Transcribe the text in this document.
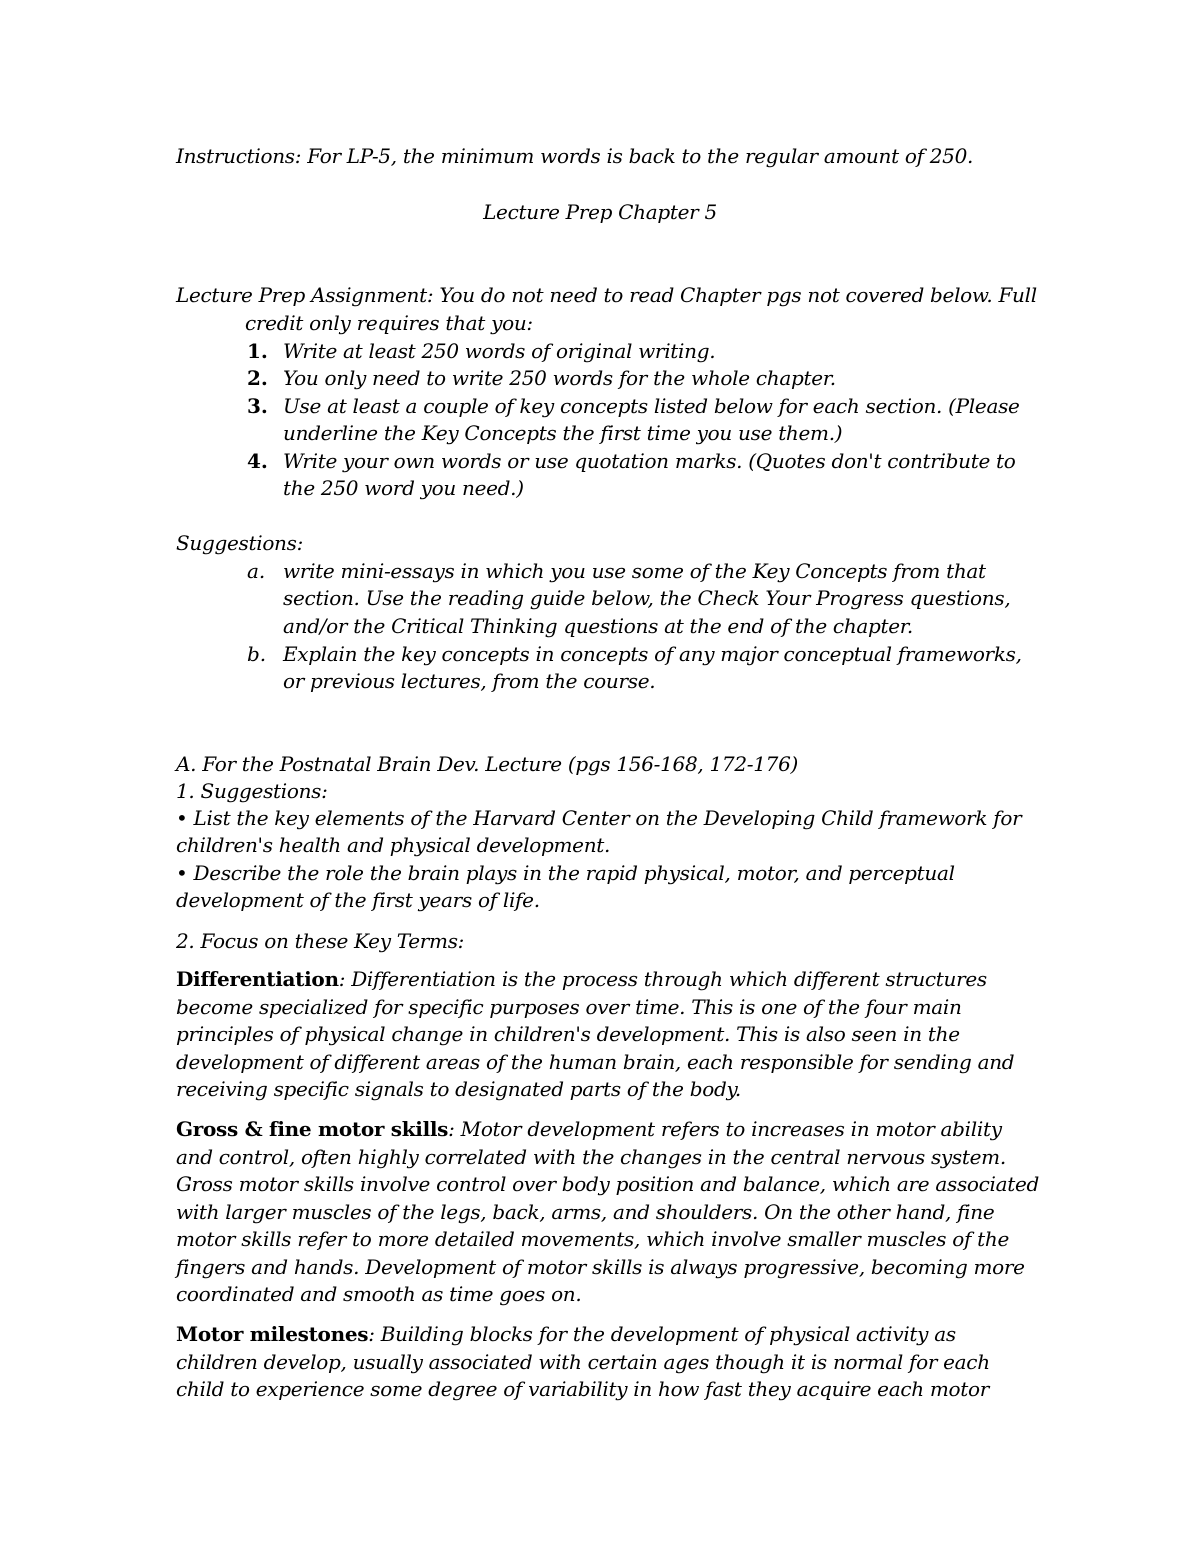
Instructions: For LP-5, the minimum words is back to the regular amount of 250.
Lecture Prep Chapter 5
Lecture Prep Assignment: You do not need to read Chapter pgs not covered below. Full
credit only requires that you:
1. Write at least 250 words of original writing.
2. You only need to write 250 words for the whole chapter.
3. Use at least a couple of key concepts listed below for each section. (Please
underline the Key Concepts the first time you use them.)
4. Write your own words or use quotation marks. (Quotes don't contribute to
the 250 word you need.)
Suggestions:
a. write mini-essays in which you use some of the Key Concepts from that
section. Use the reading guide below, the Check Your Progress questions,
and/or the Critical Thinking questions at the end of the chapter.
b. Explain the key concepts in concepts of any major conceptual frameworks,
or previous lectures, from the course.
A. For the Postnatal Brain Dev. Lecture (pgs 156-168, 172-176)
1. Suggestions:
• List the key elements of the Harvard Center on the Developing Child framework for
children's health and physical development.
• Describe the role the brain plays in the rapid physical, motor, and perceptual
development of the first years of life.
2. Focus on these Key Terms:
Differentiation: Differentiation is the process through which different structures
become specialized for specific purposes over time. This is one of the four main
principles of physical change in children's development. This is also seen in the
development of different areas of the human brain, each responsible for sending and
receiving specific signals to designated parts of the body.
Gross & fine motor skills: Motor development refers to increases in motor ability
and control, often highly correlated with the changes in the central nervous system.
Gross motor skills involve control over body position and balance, which are associated
with larger muscles of the legs, back, arms, and shoulders. On the other hand, fine
motor skills refer to more detailed movements, which involve smaller muscles of the
fingers and hands. Development of motor skills is always progressive, becoming more
coordinated and smooth as time goes on.
Motor milestones: Building blocks for the development of physical activity as
children develop, usually associated with certain ages though it is normal for each
child to experience some degree of variability in how fast they acquire each motor
